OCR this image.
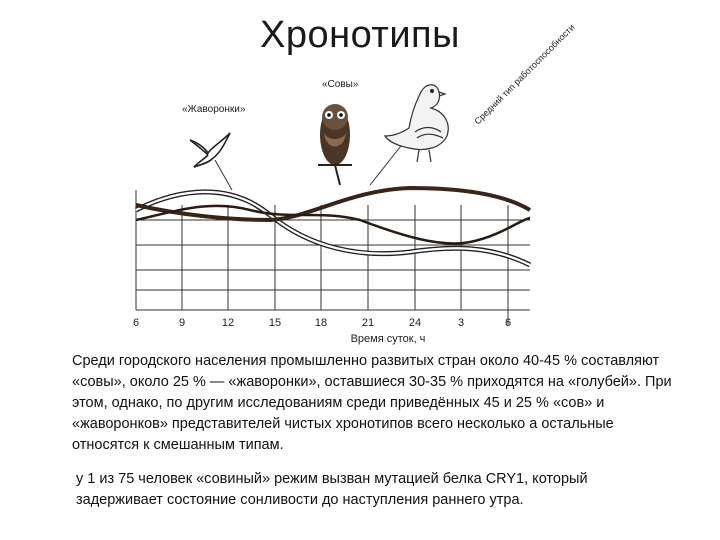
Хронотипы
«Жаворонки»
«Совы»	Средний тип работоспособности
6	9	12	15	18	21	24	3	6
Время суток, ч
Среди городского населения промышленно развитых стран около 40-45 % составляют «совы», около 25 % — «жаворонки», оставшиеся 30-35 % приходятся на «голубей». При этом, однако, по другим исследованиям среди приведённых 45 и 25 % «сов» и «жаворонков» представителей чистых хронотипов всего несколько а остальные относятся к смешанным типам.
у 1 из 75 человек «совиный» режим вызван мутацией белка CRY1, который задерживает состояние сонливости до наступления раннего утра.
